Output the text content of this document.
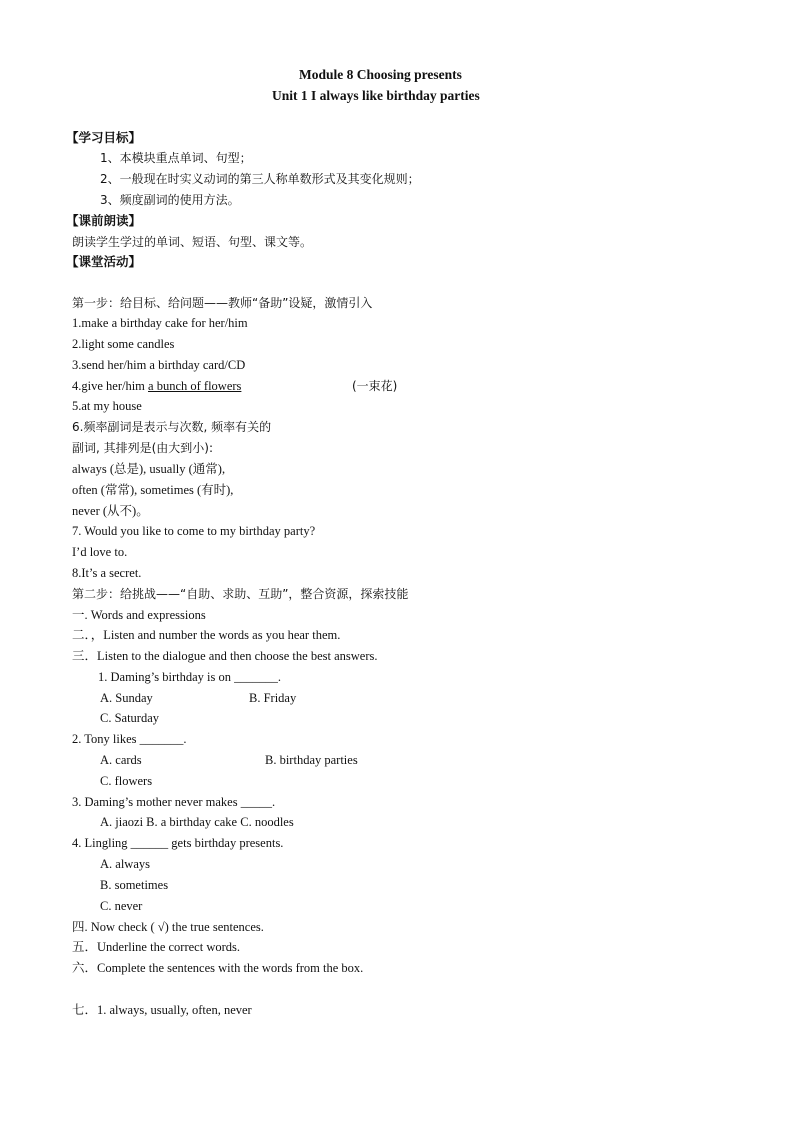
Module 8 Choosing presents
Unit 1 I always like birthday parties
【学习目标】
1、本模块重点单词、句型；
2、一般现在时实义动词的第三人称单数形式及其变化规则；
3、频度副词的使用方法。
【课前朗读】
朗读学生学过的单词、短语、句型、课文等。
【课堂活动】
第一步：给目标、给问题——教师“备助”设疑，激情引入
1.make a birthday cake for her/him
2.light some candles
3.send her/him a birthday card/CD
4.give her/him a bunch of flowers	(一束花)
5.at my house
6.频率副词是表示与次数, 频率有关的
副词, 其排列是(由大到小):
always (总是), usually (通常),
often (常常), sometimes (有时),
never (从不)。
7. Would you like to come to my birthday party?
I’d love to.
8.It’s a secret.
第二步：给挑战——“自助、求助、互助”，整合资源，探索技能
一. Words and expressions
二．，Listen and number the words as you hear them.
三．Listen to the dialogue and then choose the best answers.
1. Daming’s birthday is on _______.
A. Sunday	B. Friday
C. Saturday
2. Tony likes _______.
A. cards	B. birthday parties
C. flowers
3. Daming’s mother never makes _____.
A. jiaozi B. a birthday cake C. noodles
4. Lingling ______ gets birthday presents.
A. always
B. sometimes
C. never
四. Now check ( √) the true sentences.
五．Underline the correct words.
六．Complete the sentences with the words from the box.
七．1. always, usually, often, never
